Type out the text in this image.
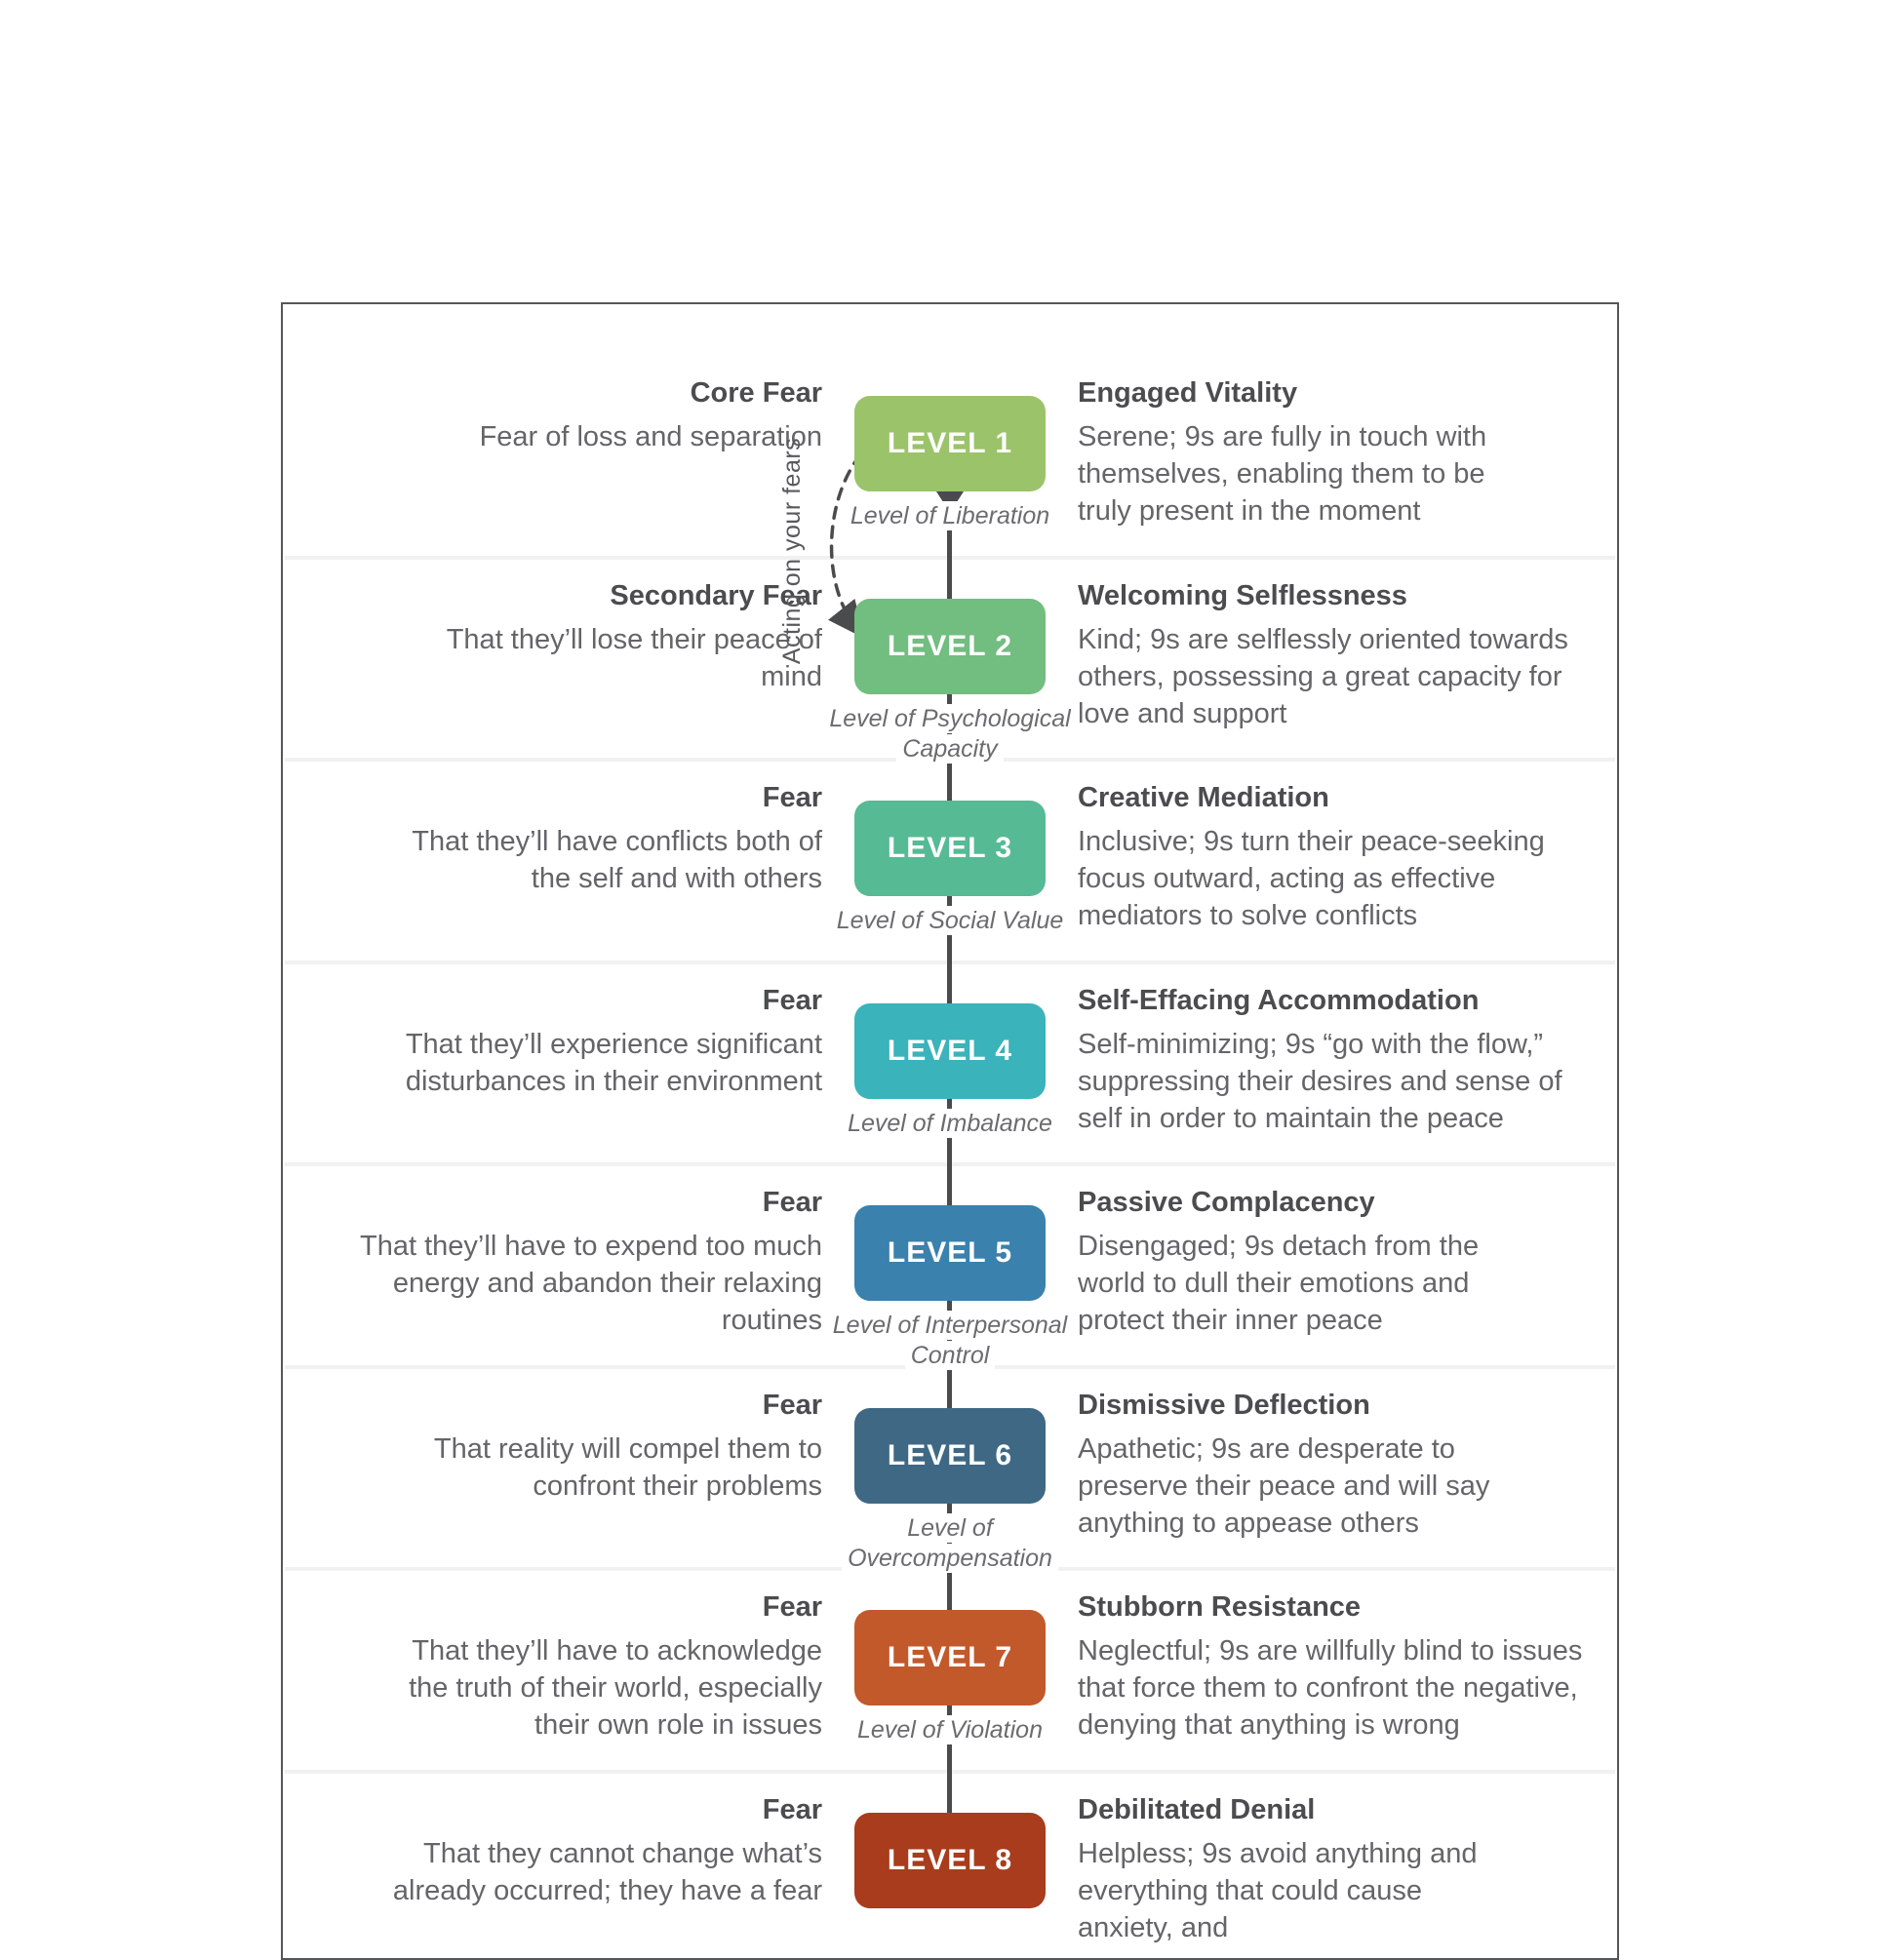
Acting on your fears
Core Fear

Fear of loss and separation	LEVEL 1
Level of Liberation
Engaged Vitality

Serene; 9s are fully in touch with themselves, enabling them to be truly present in the moment

Secondary Fear

That they’ll lose their peace of mind

LEVEL 2
Level of Psychological Capacity
Welcoming Selflessness

Kind; 9s are selflessly oriented towards others, possessing a great capacity for love and support

Fear

That they’ll have conflicts both of the self and with others

LEVEL 3
Level of Social Value
Creative Mediation

Inclusive; 9s turn their peace-seeking focus outward, acting as effective mediators to solve conflicts

Fear

That they’ll experience significant disturbances in their environment

LEVEL 4
Level of Imbalance
Self-Effacing Accommodation

Self-minimizing; 9s “go with the flow,” suppressing their desires and sense of self in order to maintain the peace

Fear

That they’ll have to expend too much energy and abandon their relaxing routines

LEVEL 5
Level of Interpersonal Control
Passive Complacency

Disengaged; 9s detach from the world to dull their emotions and protect their inner peace

Fear

That reality will compel them to confront their problems

LEVEL 6
Level of Overcompensation
Dismissive Deflection

Apathetic; 9s are desperate to preserve their peace and will say anything to appease others

Fear

That they’ll have to acknowledge the truth of their world, especially their own role in issues

LEVEL 7
Level of Violation
Stubborn Resistance

Neglectful; 9s are willfully blind to issues that force them to confront the negative, denying that anything is wrong

Fear

That they cannot change what’s already occurred; they have a fear

LEVEL 8
Debilitated Denial

Helpless; 9s avoid anything and everything that could cause anxiety, and
